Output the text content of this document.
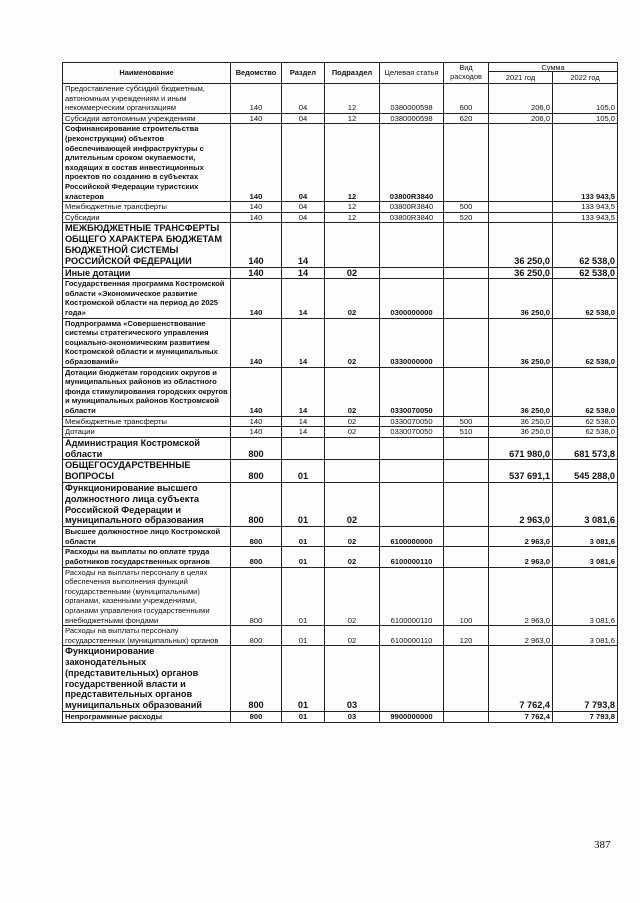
Наименование	Ведомство	Раздел	Подраздел	Целевая статья	Вид расходов	Сумма	
						2021 год	2022 год
Предоставление субсидий бюджетным, автономным учреждениям и иным некоммерческим организациям	140	04	12	0380000598	600	206,0	105,0
Субсидии автономным учреждениям	140	04	12	0380000598	620	206,0	105,0
Софинансирование строительства (реконструкции) объектов обеспечивающей инфраструктуры с длительным сроком окупаемости, входящих в состав инвестиционных проектов по созданию в субъектах Российской Федерации туристских кластеров	140	04	12	03800R3840			133 943,5
Межбюджетные трансферты	140	04	12	03800R3840	500		133 943,5
Субсидии	140	04	12	03800R3840	520		133 943,5
МЕЖБЮДЖЕТНЫЕ ТРАНСФЕРТЫ ОБЩЕГО ХАРАКТЕРА БЮДЖЕТАМ БЮДЖЕТНОЙ СИСТЕМЫ РОССИЙСКОЙ ФЕДЕРАЦИИ	140	14				36 250,0	62 538,0
Иные дотации	140	14	02			36 250,0	62 538,0
Государственная программа Костромской области «Экономическое развитие Костромской области на период до 2025 года»	140	14	02	0300000000		36 250,0	62 538,0
Подпрограмма «Совершенствование системы стратегического управления социально-экономическим развитием Костромской области и муниципальных образований»	140	14	02	0330000000		36 250,0	62 538,0
Дотации бюджетам городских округов и муниципальных районов из областного фонда стимулирования городских округов и муниципальных районов Костромской области	140	14	02	0330070050		36 250,0	62 538,0
Межбюджетные трансферты	140	14	02	0330070050	500	36 250,0	62 538,0
Дотации	140	14	02	0330070050	510	36 250,0	62 538,0
Администрация Костромской области	800					671 980,0	681 573,8
ОБЩЕГОСУДАРСТВЕННЫЕ ВОПРОСЫ	800	01				537 691,1	545 288,0
Функционирование высшего должностного лица субъекта Российской Федерации и муниципального образования	800	01	02			2 963,0	3 081,6
Высшее должностное лицо Костромской области	800	01	02	6100000000		2 963,0	3 081,6
Расходы на выплаты по оплате труда работников государственных органов	800	01	02	6100000110		2 963,0	3 081,6
Расходы на выплаты персоналу в целях обеспечения выполнения функций государственными (муниципальными) органами, казенными учреждениями, органами управления государственными внебюджетными фондами	800	01	02	6100000110	100	2 963,0	3 081,6
Расходы на выплаты персоналу государственных (муниципальных) органов	800	01	02	6100000110	120	2 963,0	3 081,6
Функционирование законодательных (представительных) органов государственной власти и представительных органов муниципальных образований	800	01	03			7 762,4	7 793,8
Непрограммные расходы	800	01	03	9900000000		7 762,4	7 793,8
387
